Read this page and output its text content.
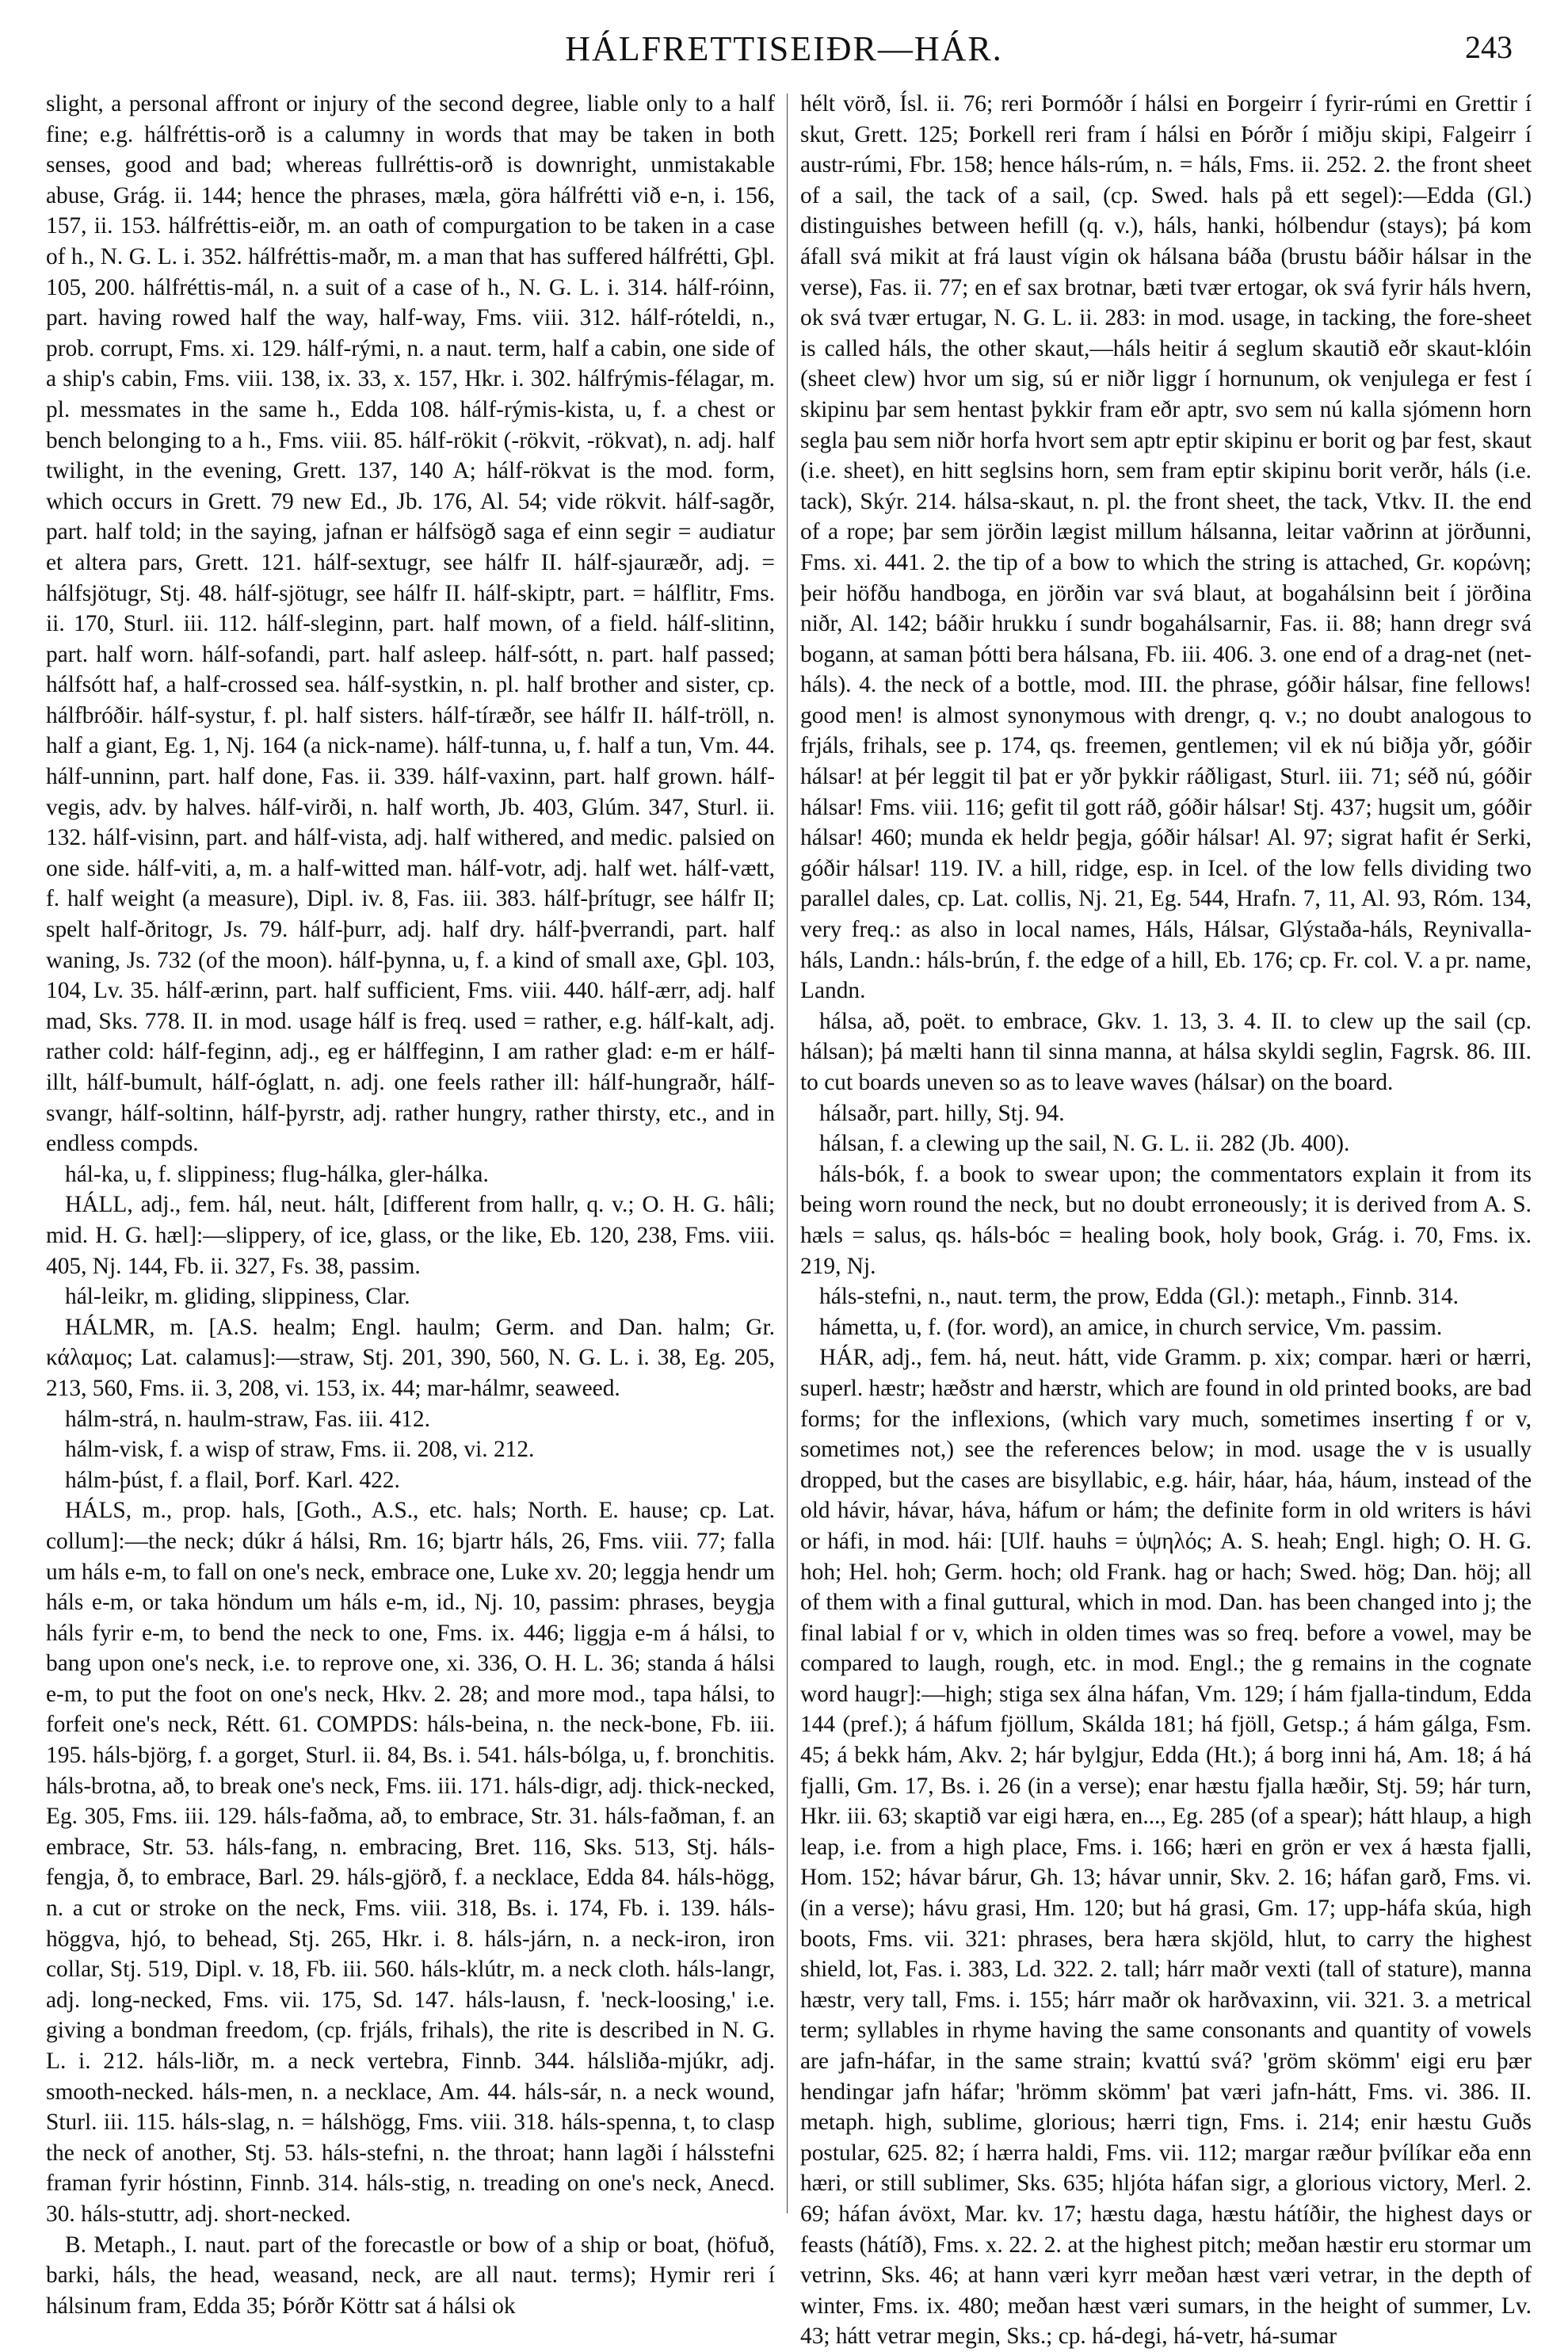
HÁLFRETTISEIÐR—HÁR.	243

slight, a personal affront or injury of the second degree, liable only to a half fine; e.g. hálfréttis-orð is a calumny in words that may be taken in both senses, good and bad; whereas fullréttis-orð is downright, unmistakable abuse, Grág. ii. 144; hence the phrases, mæla, göra hálfrétti við e-n, i. 156, 157, ii. 153. hálfréttis-eiðr, m. an oath of compurgation to be taken in a case of h., N. G. L. i. 352. hálfréttis-maðr, m. a man that has suffered hálfrétti, Gþl. 105, 200. hálfréttis-mál, n. a suit of a case of h., N. G. L. i. 314. hálf-róinn, part. having rowed half the way, half-way, Fms. viii. 312. hálf-róteldi, n., prob. corrupt, Fms. xi. 129. hálf-rými, n. a naut. term, half a cabin, one side of a ship's cabin, Fms. viii. 138, ix. 33, x. 157, Hkr. i. 302. hálfrýmis-félagar, m. pl. messmates in the same h., Edda 108. hálf-rýmis-kista, u, f. a chest or bench belonging to a h., Fms. viii. 85. hálf-rökit (-rökvit, -rökvat), n. adj. half twilight, in the evening, Grett. 137, 140 A; hálf-rökvat is the mod. form, which occurs in Grett. 79 new Ed., Jb. 176, Al. 54; vide rökvit. hálf-sagðr, part. half told; in the saying, jafnan er hálfsögð saga ef einn segir = audiatur et altera pars, Grett. 121. hálf-sextugr, see hálfr II. hálf-sjauræðr, adj. = hálfsjötugr, Stj. 48. hálf-sjötugr, see hálfr II. hálf-skiptr, part. = hálflitr, Fms. ii. 170, Sturl. iii. 112. hálf-sleginn, part. half mown, of a field. hálf-slitinn, part. half worn. hálf-sofandi, part. half asleep. hálf-sótt, n. part. half passed; hálfsótt haf, a half-crossed sea. hálf-systkin, n. pl. half brother and sister, cp. hálfbróðir. hálf-systur, f. pl. half sisters. hálf-tíræðr, see hálfr II. hálf-tröll, n. half a giant, Eg. 1, Nj. 164 (a nick-name). hálf-tunna, u, f. half a tun, Vm. 44. hálf-unninn, part. half done, Fas. ii. 339. hálf-vaxinn, part. half grown. hálf-vegis, adv. by halves. hálf-virði, n. half worth, Jb. 403, Glúm. 347, Sturl. ii. 132. hálf-visinn, part. and hálf-vista, adj. half withered, and medic. palsied on one side. hálf-viti, a, m. a half-witted man. hálf-votr, adj. half wet. hálf-vætt, f. half weight (a measure), Dipl. iv. 8, Fas. iii. 383. hálf-þrítugr, see hálfr II; spelt half-ðritogr, Js. 79. hálf-þurr, adj. half dry. hálf-þverrandi, part. half waning, Js. 732 (of the moon). hálf-þynna, u, f. a kind of small axe, Gþl. 103, 104, Lv. 35. hálf-ærinn, part. half sufficient, Fms. viii. 440. hálf-ærr, adj. half mad, Sks. 778. II. in mod. usage hálf is freq. used = rather, e.g. hálf-kalt, adj. rather cold: hálf-feginn, adj., eg er hálffeginn, I am rather glad: e-m er hálf-illt, hálf-bumult, hálf-óglatt, n. adj. one feels rather ill: hálf-hungraðr, hálf-svangr, hálf-soltinn, hálf-þyrstr, adj. rather hungry, rather thirsty, etc., and in endless compds.

hál-ka, u, f. slippiness; flug-hálka, gler-hálka.

HÁLL, adj., fem. hál, neut. hált, [different from hallr, q. v.; O. H. G. hâli; mid. H. G. hæl]:—slippery, of ice, glass, or the like, Eb. 120, 238, Fms. viii. 405, Nj. 144, Fb. ii. 327, Fs. 38, passim.

hál-leikr, m. gliding, slippiness, Clar.

HÁLMR, m. [A.S. healm; Engl. haulm; Germ. and Dan. halm; Gr. κάλαμος; Lat. calamus]:—straw, Stj. 201, 390, 560, N. G. L. i. 38, Eg. 205, 213, 560, Fms. ii. 3, 208, vi. 153, ix. 44; mar-hálmr, seaweed.

hálm-strá, n. haulm-straw, Fas. iii. 412.

hálm-visk, f. a wisp of straw, Fms. ii. 208, vi. 212.

hálm-þúst, f. a flail, Þorf. Karl. 422.

HÁLS, m., prop. hals, [Goth., A.S., etc. hals; North. E. hause; cp. Lat. collum]:—the neck; dúkr á hálsi, Rm. 16; bjartr háls, 26, Fms. viii. 77; falla um háls e-m, to fall on one's neck, embrace one, Luke xv. 20; leggja hendr um háls e-m, or taka höndum um háls e-m, id., Nj. 10, passim: phrases, beygja háls fyrir e-m, to bend the neck to one, Fms. ix. 446; liggja e-m á hálsi, to bang upon one's neck, i.e. to reprove one, xi. 336, O. H. L. 36; standa á hálsi e-m, to put the foot on one's neck, Hkv. 2. 28; and more mod., tapa hálsi, to forfeit one's neck, Rétt. 61. COMPDS: háls-beina, n. the neck-bone, Fb. iii. 195. háls-björg, f. a gorget, Sturl. ii. 84, Bs. i. 541. háls-bólga, u, f. bronchitis. háls-brotna, að, to break one's neck, Fms. iii. 171. háls-digr, adj. thick-necked, Eg. 305, Fms. iii. 129. háls-faðma, að, to embrace, Str. 31. háls-faðman, f. an embrace, Str. 53. háls-fang, n. embracing, Bret. 116, Sks. 513, Stj. háls-fengja, ð, to embrace, Barl. 29. háls-gjörð, f. a necklace, Edda 84. háls-högg, n. a cut or stroke on the neck, Fms. viii. 318, Bs. i. 174, Fb. i. 139. háls-höggva, hjó, to behead, Stj. 265, Hkr. i. 8. háls-járn, n. a neck-iron, iron collar, Stj. 519, Dipl. v. 18, Fb. iii. 560. háls-klútr, m. a neck cloth. háls-langr, adj. long-necked, Fms. vii. 175, Sd. 147. háls-lausn, f. 'neck-loosing,' i.e. giving a bondman freedom, (cp. frjáls, frihals), the rite is described in N. G. L. i. 212. háls-liðr, m. a neck vertebra, Finnb. 344. hálsliða-mjúkr, adj. smooth-necked. háls-men, n. a necklace, Am. 44. háls-sár, n. a neck wound, Sturl. iii. 115. háls-slag, n. = hálshögg, Fms. viii. 318. háls-spenna, t, to clasp the neck of another, Stj. 53. háls-stefni, n. the throat; hann lagði í hálsstefni framan fyrir hóstinn, Finnb. 314. háls-stig, n. treading on one's neck, Anecd. 30. háls-stuttr, adj. short-necked.

B. Metaph., I. naut. part of the forecastle or bow of a ship or boat, (höfuð, barki, háls, the head, weasand, neck, are all naut. terms); Hymir reri í hálsinum fram, Edda 35; Þórðr Köttr sat á hálsi ok

hélt vörð, Ísl. ii. 76; reri Þormóðr í hálsi en Þorgeirr í fyrir-rúmi en Grettir í skut, Grett. 125; Þorkell reri fram í hálsi en Þórðr í miðju skipi, Falgeirr í austr-rúmi, Fbr. 158; hence háls-rúm, n. = háls, Fms. ii. 252. 2. the front sheet of a sail, the tack of a sail, (cp. Swed. hals på ett segel):—Edda (Gl.) distinguishes between hefill (q. v.), háls, hanki, hólbendur (stays); þá kom áfall svá mikit at frá laust vígin ok hálsana báða (brustu báðir hálsar in the verse), Fas. ii. 77; en ef sax brotnar, bæti tvær ertogar, ok svá fyrir háls hvern, ok svá tvær ertugar, N. G. L. ii. 283: in mod. usage, in tacking, the fore-sheet is called háls, the other skaut,—háls heitir á seglum skautið eðr skaut-klóin (sheet clew) hvor um sig, sú er niðr liggr í hornunum, ok venjulega er fest í skipinu þar sem hentast þykkir fram eðr aptr, svo sem nú kalla sjómenn horn segla þau sem niðr horfa hvort sem aptr eptir skipinu er borit og þar fest, skaut (i.e. sheet), en hitt seglsins horn, sem fram eptir skipinu borit verðr, háls (i.e. tack), Skýr. 214. hálsa-skaut, n. pl. the front sheet, the tack, Vtkv. II. the end of a rope; þar sem jörðin lægist millum hálsanna, leitar vaðrinn at jörðunni, Fms. xi. 441. 2. the tip of a bow to which the string is attached, Gr. κορώνη; þeir höfðu handboga, en jörðin var svá blaut, at bogahálsinn beit í jörðina niðr, Al. 142; báðir hrukku í sundr bogahálsarnir, Fas. ii. 88; hann dregr svá bogann, at saman þótti bera hálsana, Fb. iii. 406. 3. one end of a drag-net (net-háls). 4. the neck of a bottle, mod. III. the phrase, góðir hálsar, fine fellows! good men! is almost synonymous with drengr, q. v.; no doubt analogous to frjáls, frihals, see p. 174, qs. freemen, gentlemen; vil ek nú biðja yðr, góðir hálsar! at þér leggit til þat er yðr þykkir ráðligast, Sturl. iii. 71; séð nú, góðir hálsar! Fms. viii. 116; gefit til gott ráð, góðir hálsar! Stj. 437; hugsit um, góðir hálsar! 460; munda ek heldr þegja, góðir hálsar! Al. 97; sigrat hafit ér Serki, góðir hálsar! 119. IV. a hill, ridge, esp. in Icel. of the low fells dividing two parallel dales, cp. Lat. collis, Nj. 21, Eg. 544, Hrafn. 7, 11, Al. 93, Róm. 134, very freq.: as also in local names, Háls, Hálsar, Glýstaða-háls, Reynivalla-háls, Landn.: háls-brún, f. the edge of a hill, Eb. 176; cp. Fr. col. V. a pr. name, Landn.

hálsa, að, poët. to embrace, Gkv. 1. 13, 3. 4. II. to clew up the sail (cp. hálsan); þá mælti hann til sinna manna, at hálsa skyldi seglin, Fagrsk. 86. III. to cut boards uneven so as to leave waves (hálsar) on the board.

hálsaðr, part. hilly, Stj. 94.

hálsan, f. a clewing up the sail, N. G. L. ii. 282 (Jb. 400).

háls-bók, f. a book to swear upon; the commentators explain it from its being worn round the neck, but no doubt erroneously; it is derived from A. S. hæls = salus, qs. háls-bóc = healing book, holy book, Grág. i. 70, Fms. ix. 219, Nj.

háls-stefni, n., naut. term, the prow, Edda (Gl.): metaph., Finnb. 314.

hámetta, u, f. (for. word), an amice, in church service, Vm. passim.

HÁR, adj., fem. há, neut. hátt, vide Gramm. p. xix; compar. hæri or hærri, superl. hæstr; hæðstr and hærstr, which are found in old printed books, are bad forms; for the inflexions, (which vary much, sometimes inserting f or v, sometimes not,) see the references below; in mod. usage the v is usually dropped, but the cases are bisyllabic, e.g. háir, háar, háa, háum, instead of the old hávir, hávar, háva, háfum or hám; the definite form in old writers is hávi or háfi, in mod. hái: [Ulf. hauhs = ὑψηλός; A. S. heah; Engl. high; O. H. G. hoh; Hel. hoh; Germ. hoch; old Frank. hag or hach; Swed. hög; Dan. höj; all of them with a final guttural, which in mod. Dan. has been changed into j; the final labial f or v, which in olden times was so freq. before a vowel, may be compared to laugh, rough, etc. in mod. Engl.; the g remains in the cognate word haugr]:—high; stiga sex álna háfan, Vm. 129; í hám fjalla-tindum, Edda 144 (pref.); á háfum fjöllum, Skálda 181; há fjöll, Getsp.; á hám gálga, Fsm. 45; á bekk hám, Akv. 2; hár bylgjur, Edda (Ht.); á borg inni há, Am. 18; á há fjalli, Gm. 17, Bs. i. 26 (in a verse); enar hæstu fjalla hæðir, Stj. 59; hár turn, Hkr. iii. 63; skaptið var eigi hæra, en..., Eg. 285 (of a spear); hátt hlaup, a high leap, i.e. from a high place, Fms. i. 166; hæri en grön er vex á hæsta fjalli, Hom. 152; hávar bárur, Gh. 13; hávar unnir, Skv. 2. 16; háfan garð, Fms. vi. (in a verse); hávu grasi, Hm. 120; but há grasi, Gm. 17; upp-háfa skúa, high boots, Fms. vii. 321: phrases, bera hæra skjöld, hlut, to carry the highest shield, lot, Fas. i. 383, Ld. 322. 2. tall; hárr maðr vexti (tall of stature), manna hæstr, very tall, Fms. i. 155; hárr maðr ok harðvaxinn, vii. 321. 3. a metrical term; syllables in rhyme having the same consonants and quantity of vowels are jafn-háfar, in the same strain; kvattú svá? 'gröm skömm' eigi eru þær hendingar jafn háfar; 'hrömm skömm' þat væri jafn-hátt, Fms. vi. 386. II. metaph. high, sublime, glorious; hærri tign, Fms. i. 214; enir hæstu Guðs postular, 625. 82; í hærra haldi, Fms. vii. 112; margar ræður þvílíkar eða enn hæri, or still sublimer, Sks. 635; hljóta háfan sigr, a glorious victory, Merl. 2. 69; háfan ávöxt, Mar. kv. 17; hæstu daga, hæstu hátíðir, the highest days or feasts (hátíð), Fms. x. 22. 2. at the highest pitch; meðan hæstir eru stormar um vetrinn, Sks. 46; at hann væri kyrr meðan hæst væri vetrar, in the depth of winter, Fms. ix. 480; meðan hæst væri sumars, in the height of summer, Lv. 43; hátt vetrar megin, Sks.; cp. há-degi, há-vetr, há-sumar
